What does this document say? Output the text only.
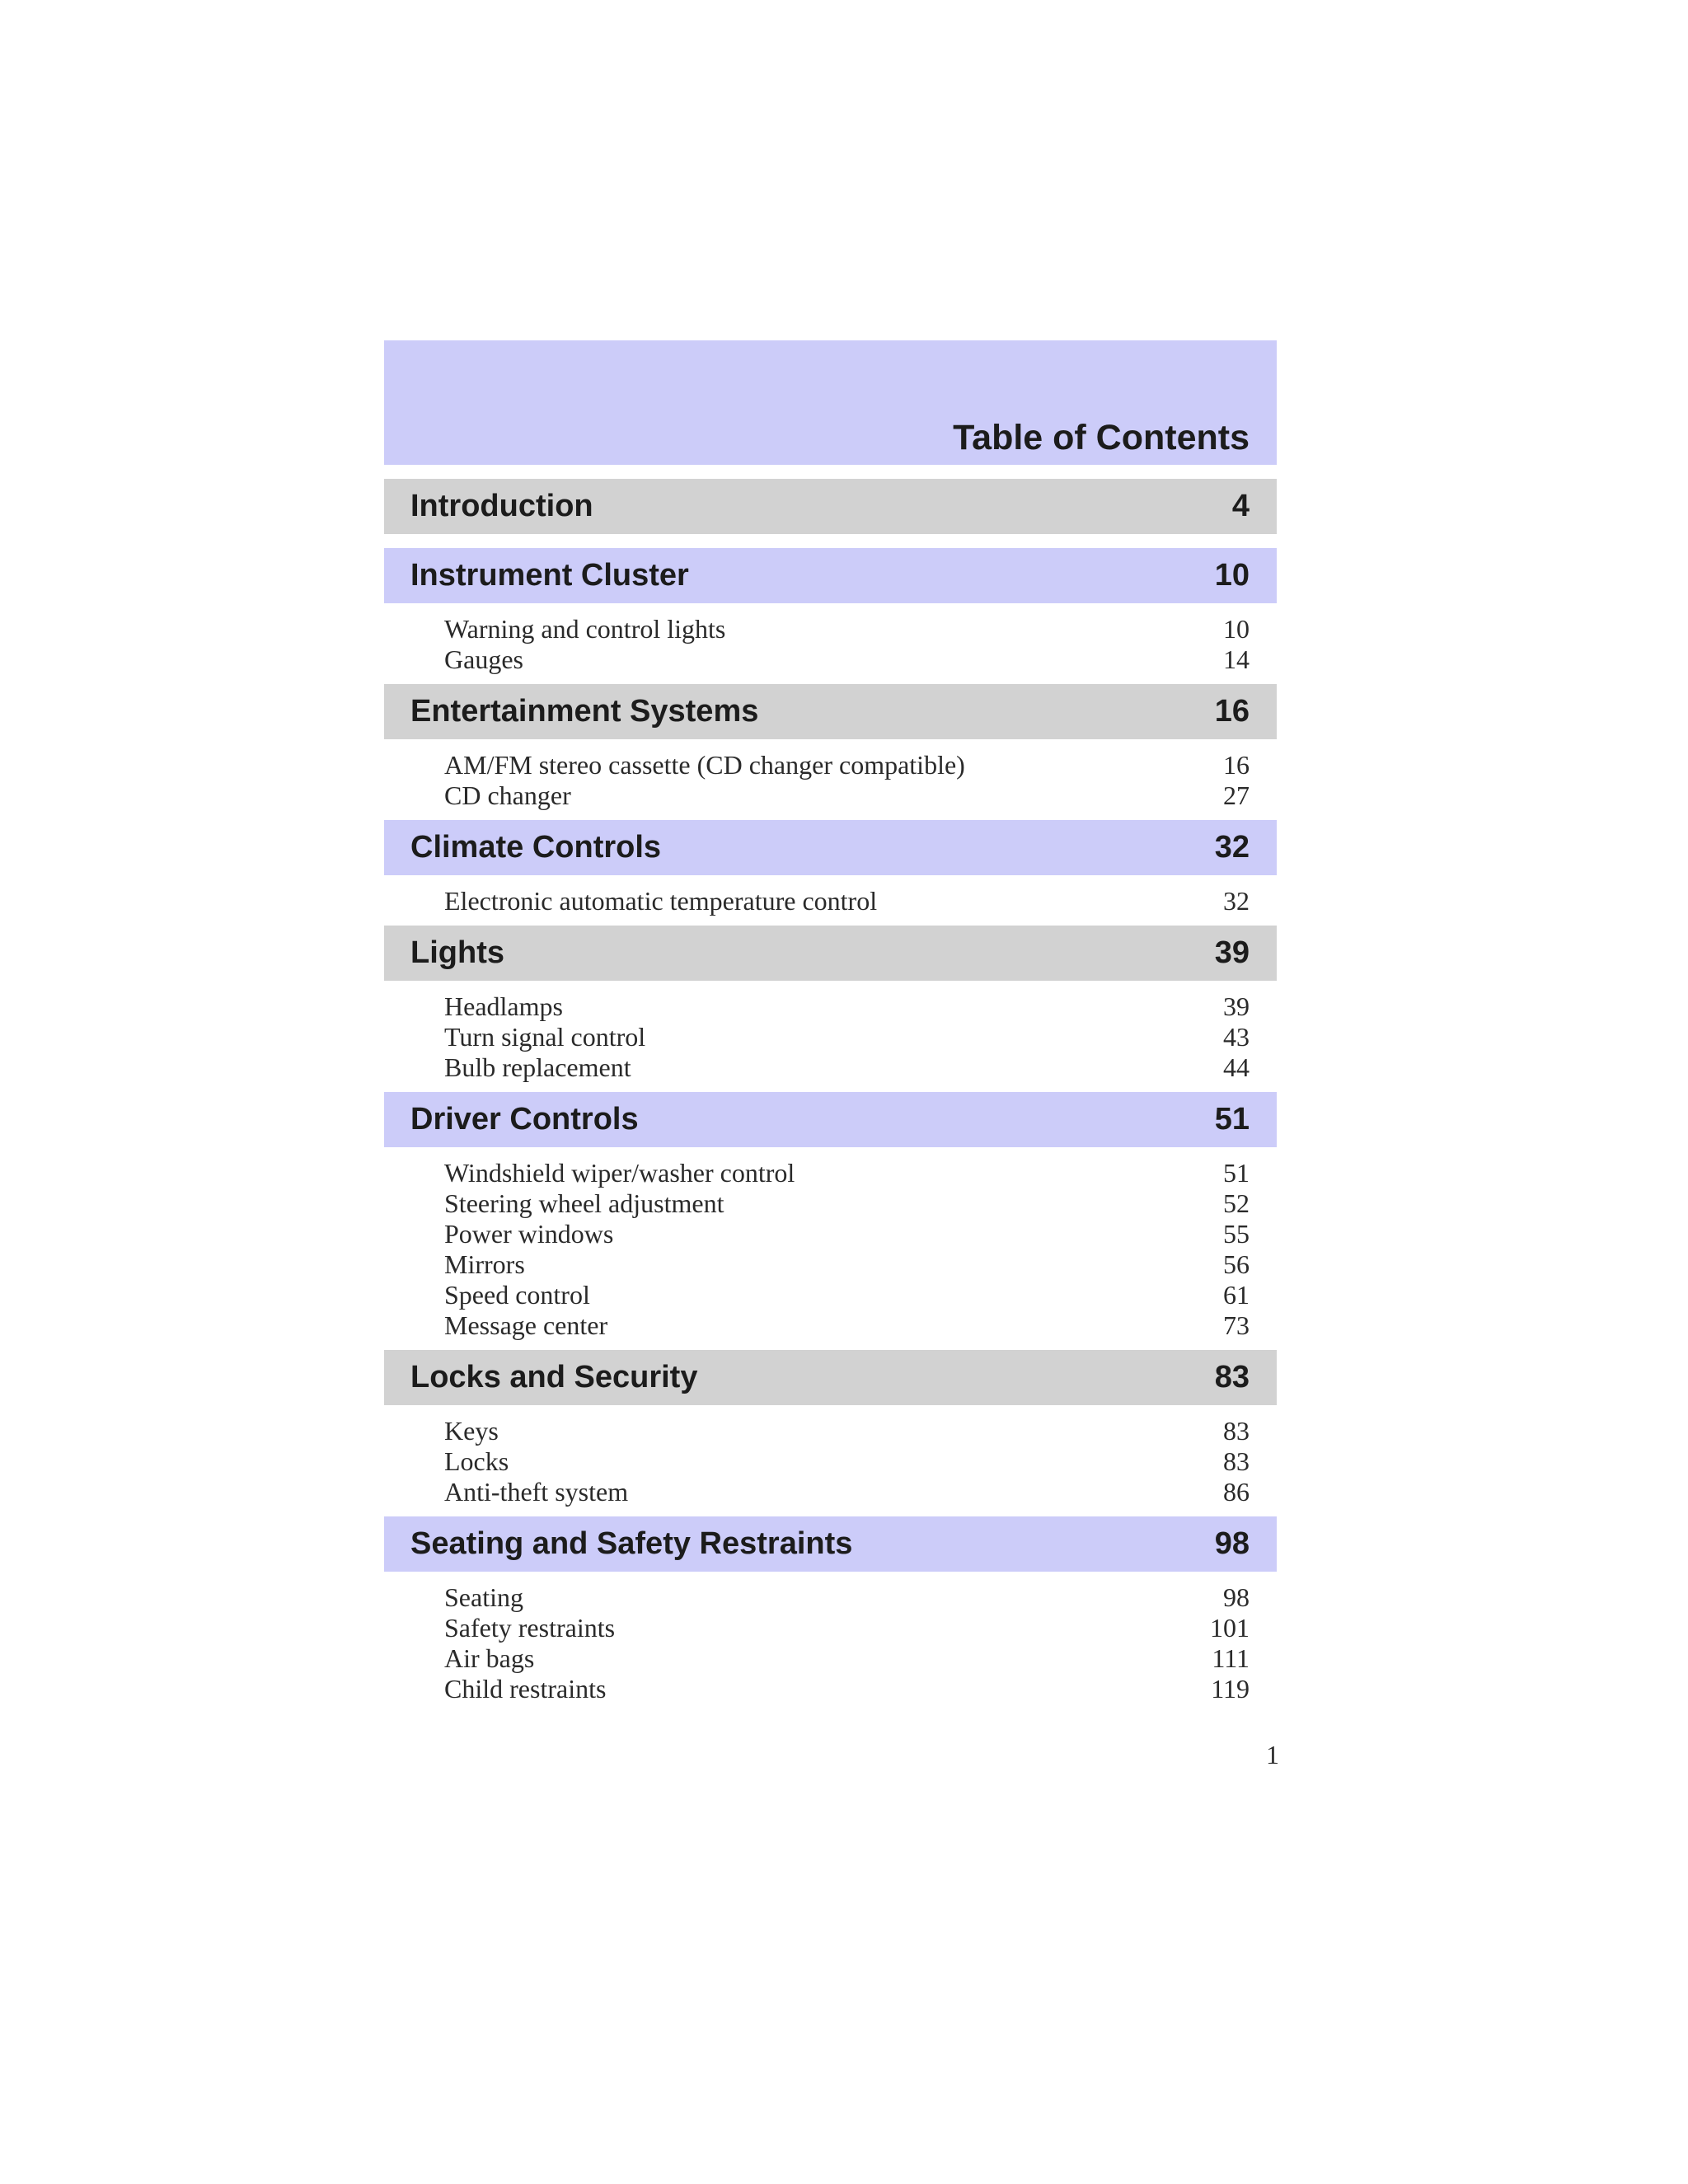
Table of Contents
Introduction	4
Instrument Cluster	10
Warning and control lights	10
Gauges	14
Entertainment Systems	16
AM/FM stereo cassette (CD changer compatible)	16
CD changer	27
Climate Controls	32
Electronic automatic temperature control	32
Lights	39
Headlamps	39
Turn signal control	43
Bulb replacement	44
Driver Controls	51
Windshield wiper/washer control	51
Steering wheel adjustment	52
Power windows	55
Mirrors	56
Speed control	61
Message center	73
Locks and Security	83
Keys	83
Locks	83
Anti-theft system	86
Seating and Safety Restraints	98
Seating	98
Safety restraints	101
Air bags	111
Child restraints	119
1
